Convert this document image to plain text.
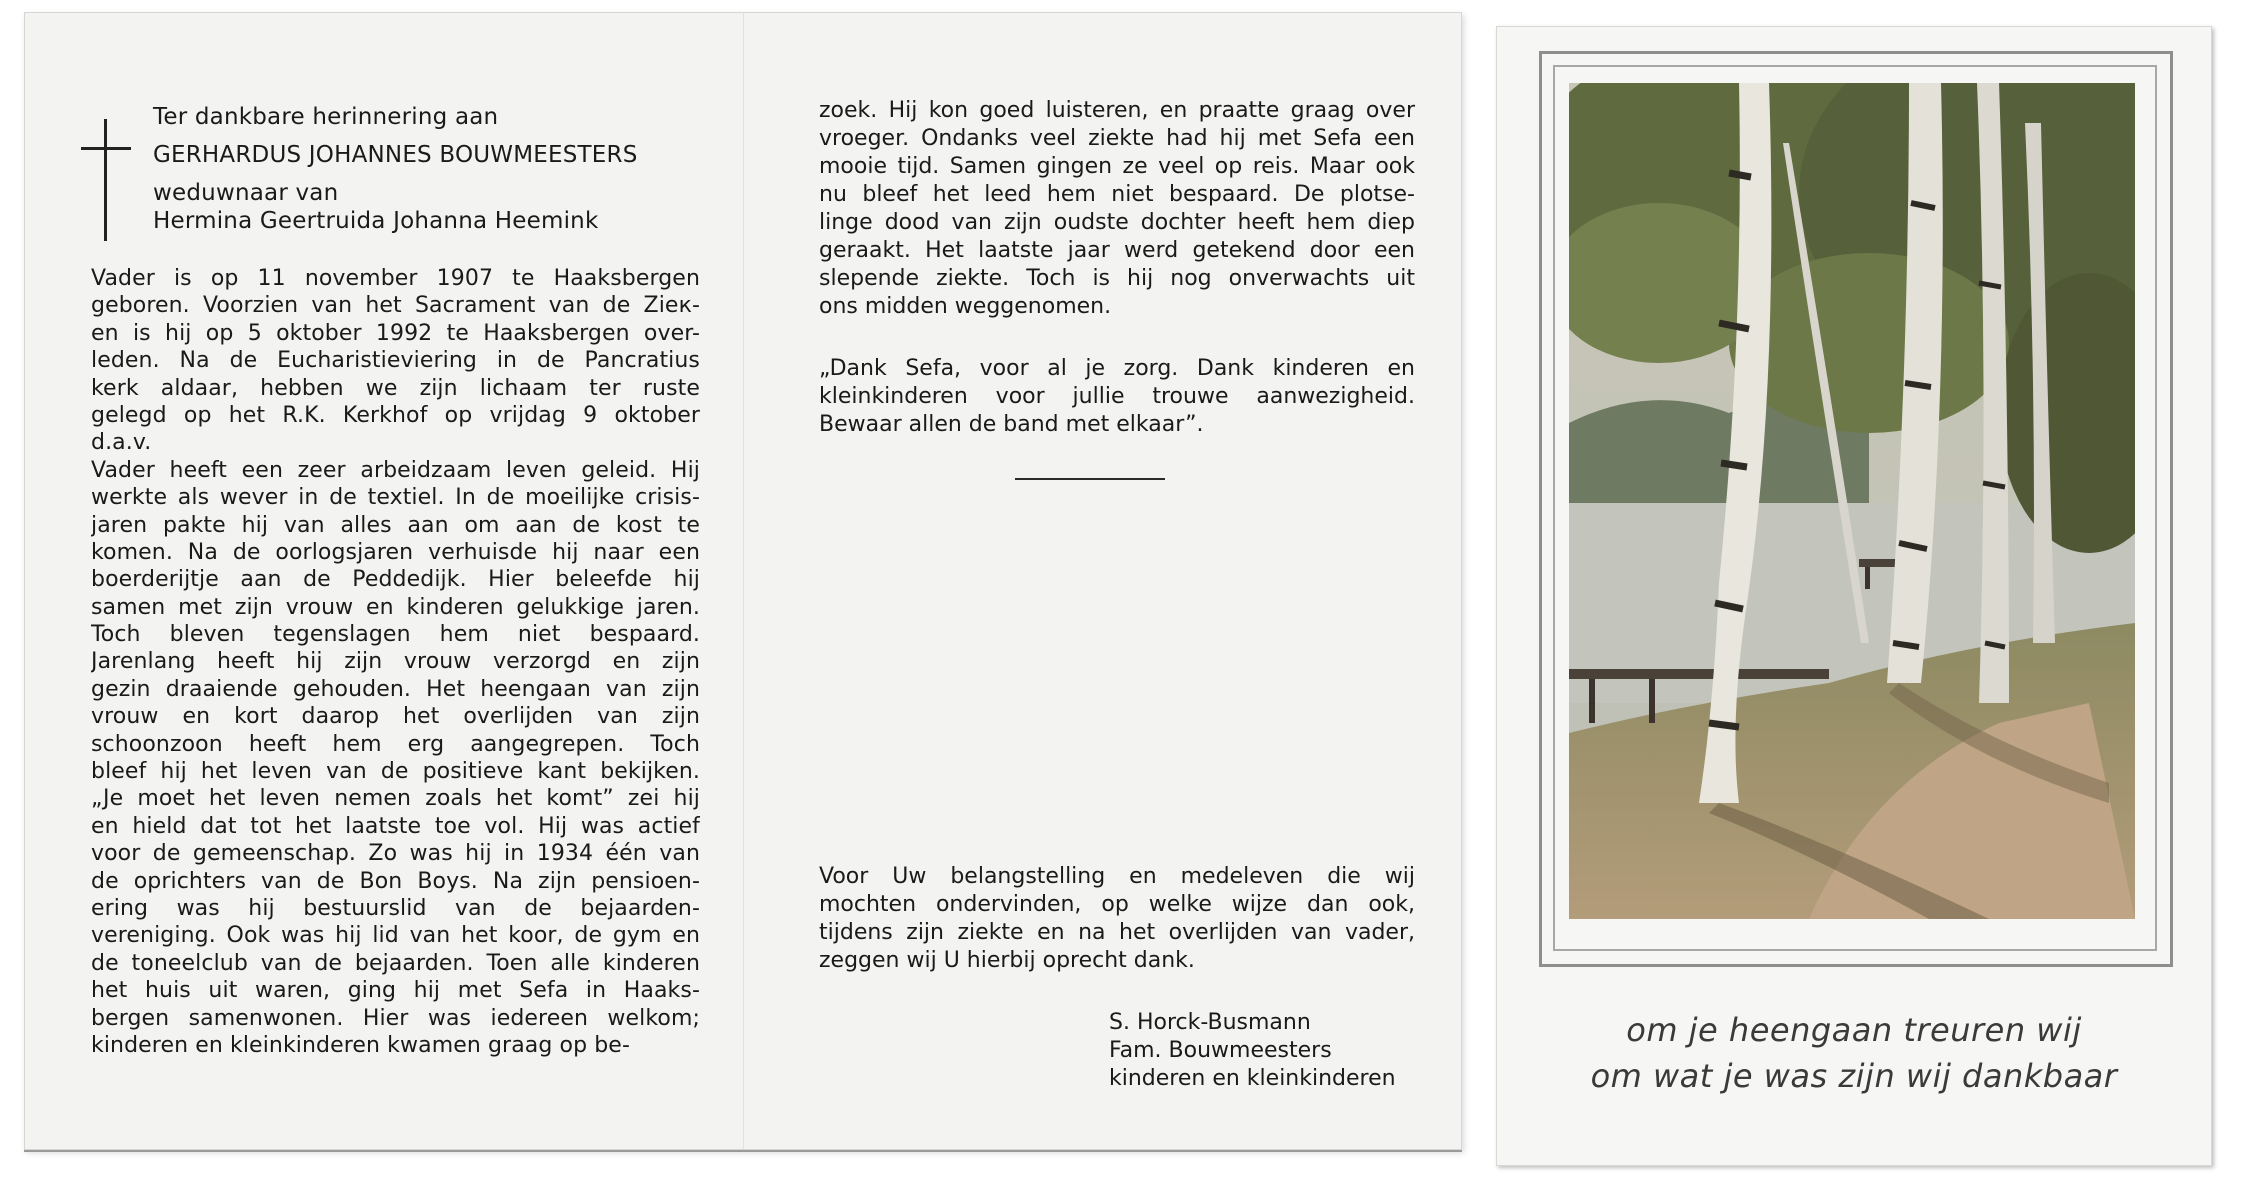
Ter dankbare herinnering aan
GERHARDUS JOHANNES BOUWMEESTERS
weduwnaar van
Hermina Geertruida Johanna Heemink
Vader is op 11 november 1907 te Haaksbergen
geboren. Voorzien van het Sacrament van de Zieк-
en is hij op 5 oktober 1992 te Haaksbergen over-
leden. Na de Eucharistieviering in de Pancratius
kerk aldaar, hebben we zijn lichaam ter ruste
gelegd op het R.K. Kerkhof op vrijdag 9 oktober
d.a.v.
Vader heeft een zeer arbeidzaam leven geleid. Hij
werkte als wever in de textiel. In de moeilijke crisis-
jaren pakte hij van alles aan om aan de kost te
komen. Na de oorlogsjaren verhuisde hij naar een
boerderijtje aan de Peddedijk. Hier beleefde hij
samen met zijn vrouw en kinderen gelukkige jaren.
Toch bleven tegenslagen hem niet bespaard.
Jarenlang heeft hij zijn vrouw verzorgd en zijn
gezin draaiende gehouden. Het heengaan van zijn
vrouw en kort daarop het overlijden van zijn
schoonzoon heeft hem erg aangegrepen. Toch
bleef hij het leven van de positieve kant bekijken.
„Je moet het leven nemen zoals het komt” zei hij
en hield dat tot het laatste toe vol. Hij was actief
voor de gemeenschap. Zo was hij in 1934 één van
de oprichters van de Bon Boys. Na zijn pensioen-
ering was hij bestuurslid van de bejaarden-
vereniging. Ook was hij lid van het koor, de gym en
de toneelclub van de bejaarden. Toen alle kinderen
het huis uit waren, ging hij met Sefa in Haaks-
bergen samenwonen. Hier was iedereen welkom;
kinderen en kleinkinderen kwamen graag op be-
zoek. Hij kon goed luisteren, en praatte graag over
vroeger. Ondanks veel ziekte had hij met Sefa een
mooie tijd. Samen gingen ze veel op reis. Maar ook
nu bleef het leed hem niet bespaard. De plotse-
linge dood van zijn oudste dochter heeft hem diep
geraakt. Het laatste jaar werd getekend door een
slepende ziekte. Toch is hij nog onverwachts uit
ons midden weggenomen.
„Dank Sefa, voor al je zorg. Dank kinderen en
kleinkinderen voor jullie trouwe aanwezigheid.
Bewaar allen de band met elkaar”.
Voor Uw belangstelling en medeleven die wij
mochten ondervinden, op welke wijze dan ook,
tijdens zijn ziekte en na het overlijden van vader,
zeggen wij U hierbij oprecht dank.
S. Horck-Busmann
Fam. Bouwmeesters
kinderen en kleinkinderen
om je heengaan treuren wij
om wat je was zijn wij dankbaar
